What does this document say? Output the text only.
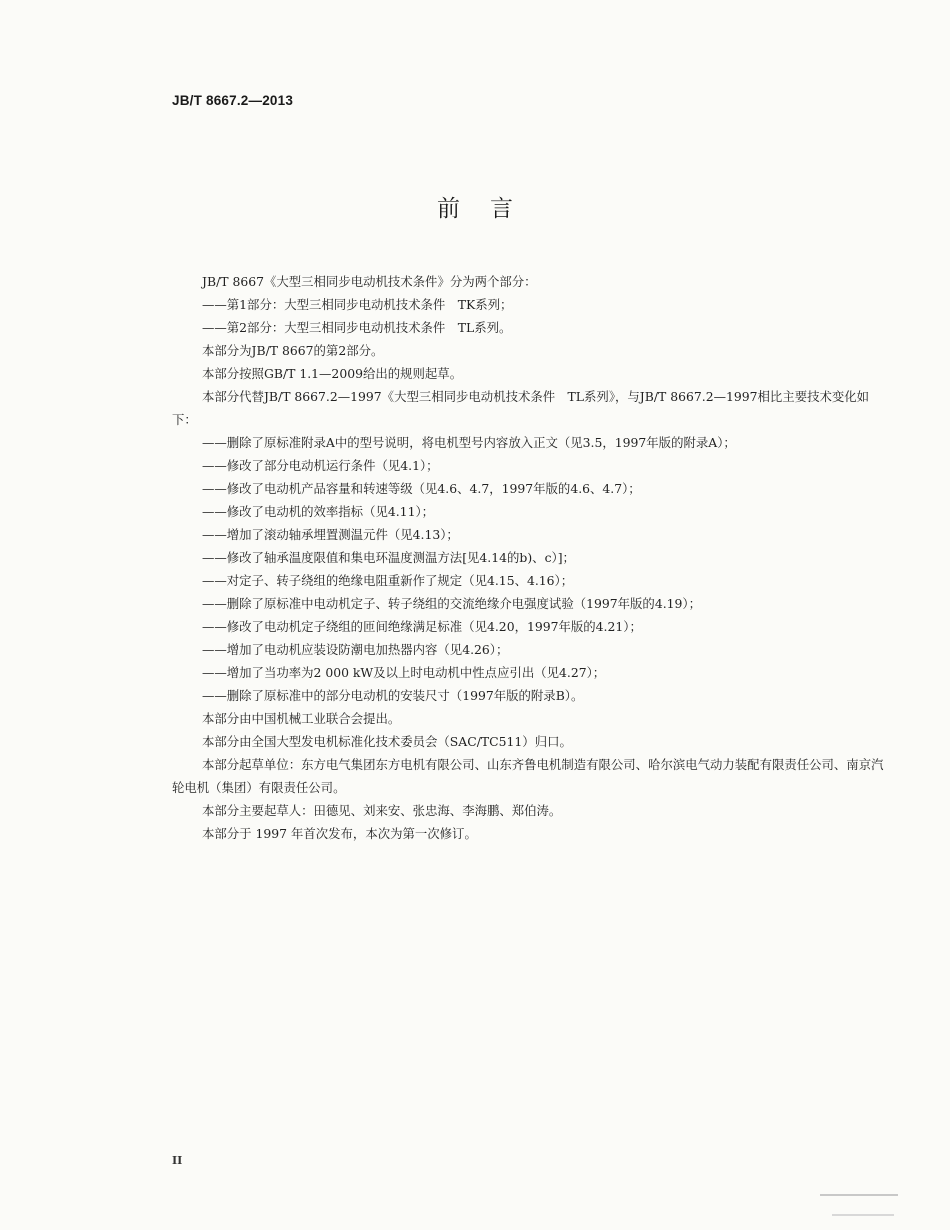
JB/T 8667.2—2013
前言

JB/T 8667《大型三相同步电动机技术条件》分为两个部分：

——第1部分：大型三相同步电动机技术条件　TK系列；

——第2部分：大型三相同步电动机技术条件　TL系列。

本部分为JB/T 8667的第2部分。

本部分按照GB/T 1.1—2009给出的规则起草。

本部分代替JB/T 8667.2—1997《大型三相同步电动机技术条件　TL系列》，与JB/T 8667.2—1997相比主要技术变化如下：

——删除了原标准附录A中的型号说明，将电机型号内容放入正文（见3.5，1997年版的附录A）；

——修改了部分电动机运行条件（见4.1）；

——修改了电动机产品容量和转速等级（见4.6、4.7，1997年版的4.6、4.7）；

——修改了电动机的效率指标（见4.11）；

——增加了滚动轴承埋置测温元件（见4.13）；

——修改了轴承温度限值和集电环温度测温方法[见4.14的b)、c）]；

——对定子、转子绕组的绝缘电阻重新作了规定（见4.15、4.16）；

——删除了原标准中电动机定子、转子绕组的交流绝缘介电强度试验（1997年版的4.19）；

——修改了电动机定子绕组的匝间绝缘满足标准（见4.20，1997年版的4.21）；

——增加了电动机应装设防潮电加热器内容（见4.26）；

——增加了当功率为2 000 kW及以上时电动机中性点应引出（见4.27）；

——删除了原标准中的部分电动机的安装尺寸（1997年版的附录B）。

本部分由中国机械工业联合会提出。

本部分由全国大型发电机标准化技术委员会（SAC/TC511）归口。

本部分起草单位：东方电气集团东方电机有限公司、山东齐鲁电机制造有限公司、哈尔滨电气动力装配有限责任公司、南京汽轮电机（集团）有限责任公司。

本部分主要起草人：田德见、刘来安、张忠海、李海鹏、郑伯涛。

本部分于 1997 年首次发布，本次为第一次修订。

II
